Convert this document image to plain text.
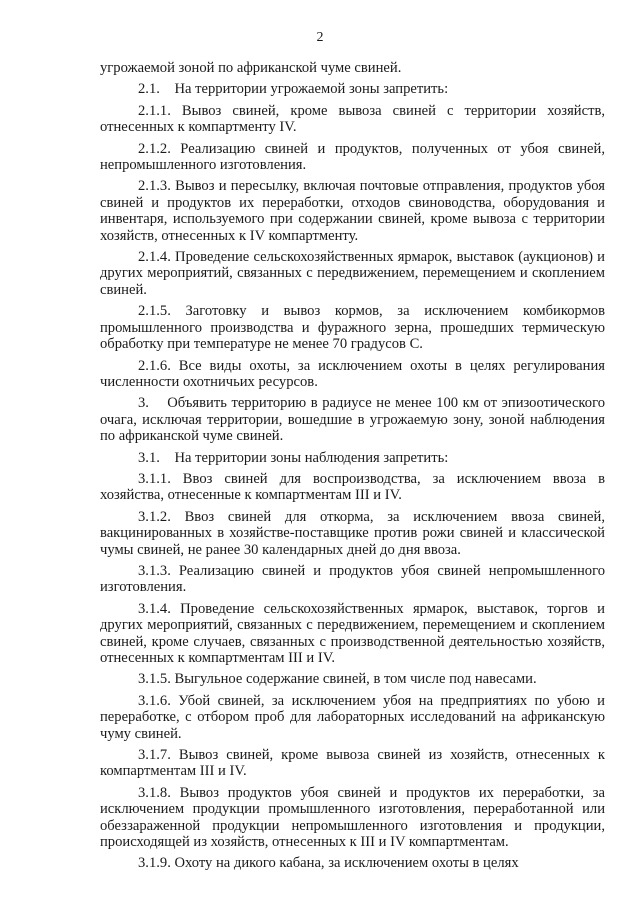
2

угрожаемой зоной по африканской чуме свиней.

2.1.    На территории угрожаемой зоны запретить:

2.1.1. Вывоз свиней, кроме вывоза свиней с территории хозяйств, отнесенных к компартменту IV.

2.1.2. Реализацию свиней и продуктов, полученных от убоя свиней, непромышленного изготовления.

2.1.3. Вывоз и пересылку, включая почтовые отправления, продуктов убоя свиней и продуктов их переработки, отходов свиноводства, оборудования и инвентаря, используемого при содержании свиней, кроме вывоза с территории хозяйств, отнесенных к IV компартменту.

2.1.4. Проведение сельскохозяйственных ярмарок, выставок (аукционов) и других мероприятий, связанных с передвижением, перемещением и скоплением свиней.

2.1.5. Заготовку и вывоз кормов, за исключением комбикормов промышленного производства и фуражного зерна, прошедших термическую обработку при температуре не менее 70 градусов С.

2.1.6. Все виды охоты, за исключением охоты в целях регулирования численности охотничьих ресурсов.

3.    Объявить территорию в радиусе не менее 100 км от эпизоотического очага, исключая территории, вошедшие в угрожаемую зону, зоной наблюдения по африканской чуме свиней.

3.1.    На территории зоны наблюдения запретить:

3.1.1. Ввоз свиней для воспроизводства, за исключением ввоза в хозяйства, отнесенные к компартментам III и IV.

3.1.2. Ввоз свиней для откорма, за исключением ввоза свиней, вакцинированных в хозяйстве-поставщике против рожи свиней и классической чумы свиней, не ранее 30 календарных дней до дня ввоза.

3.1.3. Реализацию свиней и продуктов убоя свиней непромышленного изготовления.

3.1.4. Проведение сельскохозяйственных ярмарок, выставок, торгов и других мероприятий, связанных с передвижением, перемещением и скоплением свиней, кроме случаев, связанных с производственной деятельностью хозяйств, отнесенных к компартментам III и IV.

3.1.5. Выгульное содержание свиней, в том числе под навесами.

3.1.6. Убой свиней, за исключением убоя на предприятиях по убою и переработке, с отбором проб для лабораторных исследований на африканскую чуму свиней.

3.1.7. Вывоз свиней, кроме вывоза свиней из хозяйств, отнесенных к компартментам III и IV.

3.1.8. Вывоз продуктов убоя свиней и продуктов их переработки, за исключением продукции промышленного изготовления, переработанной или обеззараженной продукции непромышленного изготовления и продукции, происходящей из хозяйств, отнесенных к III и IV компартментам.

3.1.9. Охоту на дикого кабана, за исключением охоты в целях
